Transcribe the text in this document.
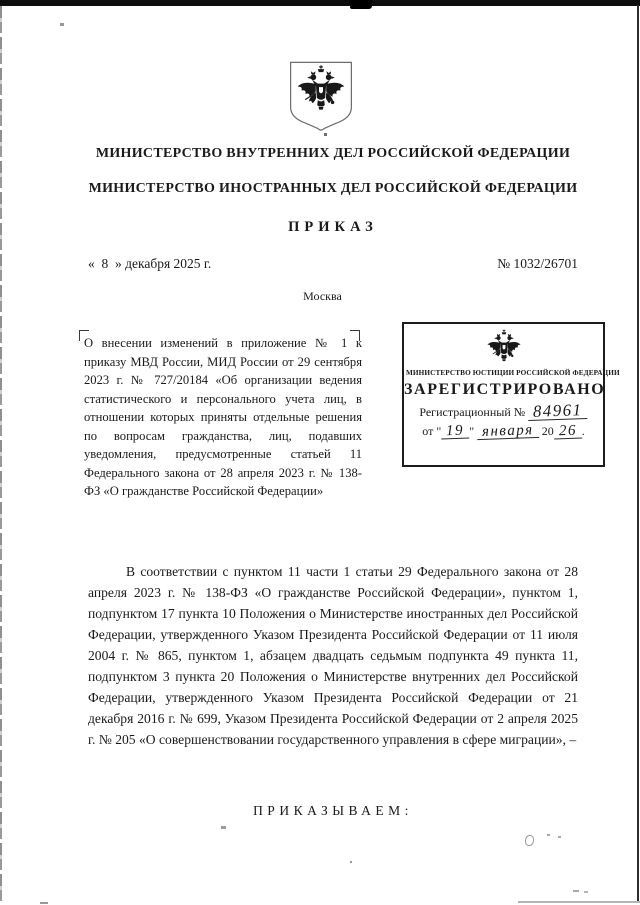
МИНИСТЕРСТВО ВНУТРЕННИХ ДЕЛ РОССИЙСКОЙ ФЕДЕРАЦИИ
МИНИСТЕРСТВО ИНОСТРАННЫХ ДЕЛ РОССИЙСКОЙ ФЕДЕРАЦИИ
ПРИКАЗ
«  8  » декабря 2025 г.	№ 1032/26701
Москва
О внесении изменений в приложение № 1 к приказу МВД России, МИД России от 29 сентября 2023 г. № 727/20184 «Об организации ведения статистического и персонального учета лиц, в отношении которых приняты отдельные решения по вопросам гражданства, лиц, подавших уведомления, предусмотренные статьей 11 Федерального закона от 28 апреля 2023 г. № 138-ФЗ «О гражданстве Российской Федерации»
МИНИСТЕРСТВО ЮСТИЦИИ РОССИЙСКОЙ ФЕДЕРАЦИИ
ЗАРЕГИСТРИРОВАНО
Регистрационный № 84961
от " 19 " января 20 26 .
В соответствии с пунктом 11 части 1 статьи 29 Федерального закона от 28 апреля 2023 г. № 138-ФЗ «О гражданстве Российской Федерации», пунктом 1, подпунктом 17 пункта 10 Положения о Министерстве иностранных дел Российской Федерации, утвержденного Указом Президента Российской Федерации от 11 июля 2004 г. № 865, пунктом 1, абзацем двадцать седьмым подпункта 49 пункта 11, подпунктом 3 пункта 20 Положения о Министерстве внутренних дел Российской Федерации, утвержденного Указом Президента Российской Федерации от 21 декабря 2016 г. № 699, Указом Президента Российской Федерации от 2 апреля 2025 г. № 205 «О совершенствовании государственного управления в сфере миграции», –
ПРИКАЗЫВАЕМ:
